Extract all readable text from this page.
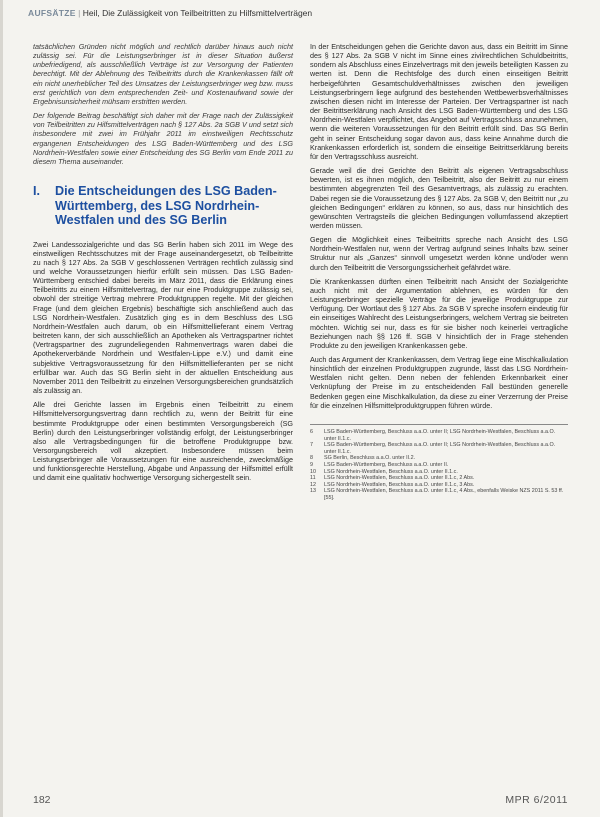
AUFSÄTZE | Heil, Die Zulässigkeit von Teilbeitritten zu Hilfsmittelverträgen

tatsächlichen Gründen nicht möglich und rechtlich darüber hinaus auch nicht zulässig sei. Für die Leistungserbringer ist in dieser Situation äußerst unbefriedigend, als ausschließlich Verträge ist zur Versorgung der Patienten berechtigt. Mit der Ablehnung des Teilbeitritts durch die Krankenkassen fällt oft ein nicht unerheblicher Teil des Umsatzes der Leistungserbringer weg bzw. muss erst gerichtlich von dem entsprechenden Zeit- und Kostenaufwand sowie der Ergebnisunsicherheit mühsam erstritten werden.

Der folgende Beitrag beschäftigt sich daher mit der Frage nach der Zulässigkeit von Teilbeitritten zu Hilfsmittelverträgen nach § 127 Abs. 2a SGB V und setzt sich insbesondere mit zwei im Frühjahr 2011 im einstweiligen Rechtsschutz ergangenen Entscheidungen des LSG Baden-Württemberg und des LSG Nordrhein-Westfalen sowie einer Entscheidung des SG Berlin vom Ende 2011 zu diesem Thema auseinander.

I.	Die Entscheidungen des LSG Baden-Württemberg, des LSG Nordrhein-Westfalen und des SG Berlin

Zwei Landessozialgerichte und das SG Berlin haben sich 2011 im Wege des einstweiligen Rechtsschutzes mit der Frage auseinandergesetzt, ob Teilbeitritte zu nach § 127 Abs. 2a SGB V geschlossenen Verträgen rechtlich zulässig sind und welche Voraussetzungen hierfür erfüllt sein müssen. Das LSG Baden-Württemberg entschied dabei bereits im März 2011, dass die Erklärung eines Teilbeitritts zu einem Hilfsmittelvertrag, der nur eine Produktgruppe zulässig sei, obwohl der streitige Vertrag mehrere Produktgruppen regelte. Mit der gleichen Frage (und dem gleichen Ergebnis) beschäftigte sich anschließend auch das LSG Nordrhein-Westfalen. Zusätzlich ging es in dem Beschluss des LSG Nordrhein-Westfalen auch darum, ob ein Hilfsmittellieferant einem Vertrag beitreten kann, der sich ausschließlich an Apotheken als Vertragspartner richtet (Vertragspartner des zugrundeliegenden Rahmenvertrags waren dabei die Apothekerverbände Nordrhein und Westfalen-Lippe e.V.) und damit eine subjektive Vertragsvoraussetzung für den Hilfsmittellieferanten per se nicht erfüllbar war. Auch das SG Berlin sieht in der aktuellen Entscheidung aus November 2011 den Teilbeitritt zu einzelnen Versorgungsbereichen grundsätzlich als zulässig an.

Alle drei Gerichte lassen im Ergebnis einen Teilbeitritt zu einem Hilfsmittelversorgungsvertrag dann rechtlich zu, wenn der Beitritt für eine bestimmte Produktgruppe oder einen bestimmten Versorgungsbereich (SG Berlin) durch den Leistungserbringer vollständig erfolgt, der Leistungserbringer also alle Vertragsbedingungen für die betroffene Produktgruppe bzw. Versorgungsbereich voll akzeptiert. Insbesondere müssen beim Leistungserbringer alle Voraussetzungen für eine ausreichende, zweckmäßige und funktionsgerechte Herstellung, Abgabe und Anpassung der Hilfsmittel erfüllt und damit eine qualitativ hochwertige Versorgung sichergestellt sein.

In der Entscheidungen gehen die Gerichte davon aus, dass ein Beitritt im Sinne des § 127 Abs. 2a SGB V nicht im Sinne eines zivilrechtlichen Schuldbeitritts, sondern als Abschluss eines Einzelvertrags mit den jeweils beteiligten Kassen zu werten ist. Denn die Rechtsfolge des durch einen einseitigen Beitritt herbeigeführten Gesamtschuldverhältnisses zwischen den jeweiligen Leistungserbringern liege aufgrund des bestehenden Wettbewerbsverhältnisses zwischen diesen nicht im Interesse der Parteien. Der Vertragspartner ist nach der Beitrittserklärung nach Ansicht des LSG Baden-Württemberg und des LSG Nordrhein-Westfalen verpflichtet, das Angebot auf Vertragsschluss anzunehmen, wenn die weiteren Voraussetzungen für den Beitritt erfüllt sind. Das SG Berlin geht in seiner Entscheidung sogar davon aus, dass keine Annahme durch die Krankenkassen erforderlich ist, sondern die einseitige Beitrittserklärung bereits für den Vertragsschluss ausreicht.

Gerade weil die drei Gerichte den Beitritt als eigenen Vertragsabschluss bewerten, ist es ihnen möglich, den Teilbeitritt, also der Beitritt zu nur einem bestimmten abgegrenzten Teil des Gesamtvertrags, als zulässig zu erachten. Dabei regen sie die Voraussetzung des § 127 Abs. 2a SGB V, den Beitritt nur „zu gleichen Bedingungen“ erklären zu können, so aus, dass nur hinsichtlich des gewünschten Vertragsteils die gleichen Bedingungen vollumfassend akzeptiert werden müssen.

Gegen die Möglichkeit eines Teilbeitritts spreche nach Ansicht des LSG Nordrhein-Westfalen nur, wenn der Vertrag aufgrund seines Inhalts bzw. seiner Struktur nur als „Ganzes“ sinnvoll umgesetzt werden könne und/oder wenn durch den Teilbeitritt die Versorgungssicherheit gefährdet wäre.

Die Krankenkassen dürften einen Teilbeitritt nach Ansicht der Sozialgerichte auch nicht mit der Argumentation ablehnen, es würden für den Leistungserbringer spezielle Verträge für die jeweilige Produktgruppe zur Verfügung. Der Wortlaut des § 127 Abs. 2a SGB V spreche insofern eindeutig für ein einseitiges Wahlrecht des Leistungserbringers, welchem Vertrag sie beitreten möchten. Wichtig sei nur, dass es für sie bisher noch keinerlei vertragliche Beziehungen nach §§ 126 ff. SGB V hinsichtlich der in Frage stehenden Produkte zu den jeweiligen Krankenkassen gebe.

Auch das Argument der Krankenkassen, dem Vertrag liege eine Mischkalkulation hinsichtlich der einzelnen Produktgruppen zugrunde, lässt das LSG Nordrhein-Westfalen nicht gelten. Denn neben der fehlenden Erkennbarkeit einer Verknüpfung der Preise im zu entscheidenden Fall bestünden generelle Bedenken gegen eine Mischkalkulation, da diese zu einer Verzerrung der Preise für die einzelnen Hilfsmittelproduktgruppen führen würde.

6	LSG Baden-Württemberg, Beschluss a.a.O. unter II; LSG Nordrhein-Westfalen, Beschluss a.a.O. unter II.1.c.
7	LSG Baden-Württemberg, Beschluss a.a.O. unter II; LSG Nordrhein-Westfalen, Beschluss a.a.O. unter II.1.c.
8	SG Berlin, Beschluss a.a.O. unter II.2.
9	LSG Baden-Württemberg, Beschluss a.a.O. unter II.
10	LSG Nordrhein-Westfalen, Beschluss a.a.O. unter II.1.c.
11	LSG Nordrhein-Westfalen, Beschluss a.a.O. unter II.1.c, 2 Abs.
12	LSG Nordrhein-Westfalen, Beschluss a.a.O. unter II.1.c, 3 Abs.
13	LSG Nordrhein-Westfalen, Beschluss a.a.O. unter II.1.c, 4 Abs., ebenfalls Weiske NZS 2011 S. 53 ff. [55].
182	MPR 6/2011
